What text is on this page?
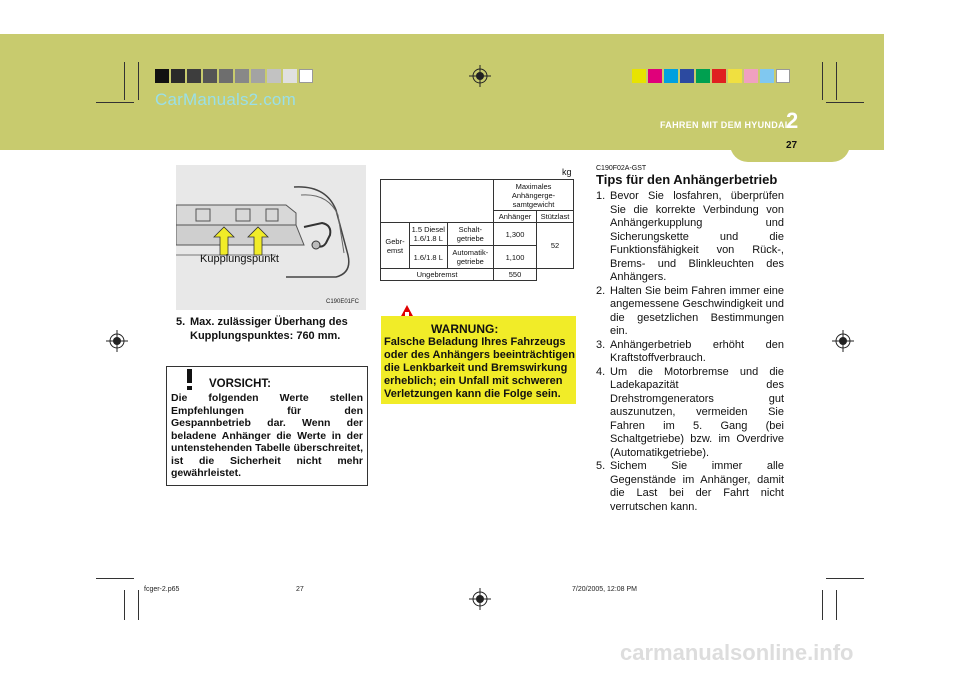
CarManuals2.com
FAHREN MIT DEM HYUNDAI
2
27
Kupplungspunkt
C190E01FC
5. Max. zulässiger Überhang des Kupplungspunktes: 760 mm.
VORSICHT:
Die folgenden Werte stellen Empfehlungen für den Gespannbetrieb dar. Wenn der beladene Anhänger die Werte in der untenstehenden Tabelle überschreitet, ist die Sicherheit nicht mehr gewährleistet.
WARNUNG:
Falsche Beladung Ihres Fahrzeugs oder des Anhängers beeinträchtigen die Lenkbarkeit und Bremswirkung erheblich; ein Unfall mit schweren Verletzungen kann die Folge sein.
kg
			Maximales Anhängerge-samtgewicht	
			Anhänger	Stützlast
Gebr-emst	1.5 Diesel 1.6/1.8 L	Schalt-getriebe	1,300	52
	1.6/1.8 L	Automatik-getriebe	1,100	
Ungebremst			550	
C190F02A-GST
Tips für den Anhängerbetrieb
1. Bevor Sie losfahren, überprüfen Sie die korrekte Verbindung von Anhängerkupplung und Sicherungskette und die Funktionsfähigkeit von Rück-, Brems- und Blinkleuchten des Anhängers.
2. Halten Sie beim Fahren immer eine angemessene Geschwindigkeit und die gesetzlichen Bestimmungen ein.
3. Anhängerbetrieb erhöht den Kraftstoffverbrauch.
4. Um die Motorbremse und die Ladekapazität des Drehstromgenerators gut auszunutzen, vermeiden Sie Fahren im 5. Gang (bei Schaltgetriebe) bzw. im Overdrive (Automatikgetriebe).
5. Sichem Sie immer alle Gegenstände im Anhänger, damit die Last bei der Fahrt nicht verrutschen kann.
fcger-2.p65	27	7/20/2005, 12:08 PM
carmanualsonline.info
